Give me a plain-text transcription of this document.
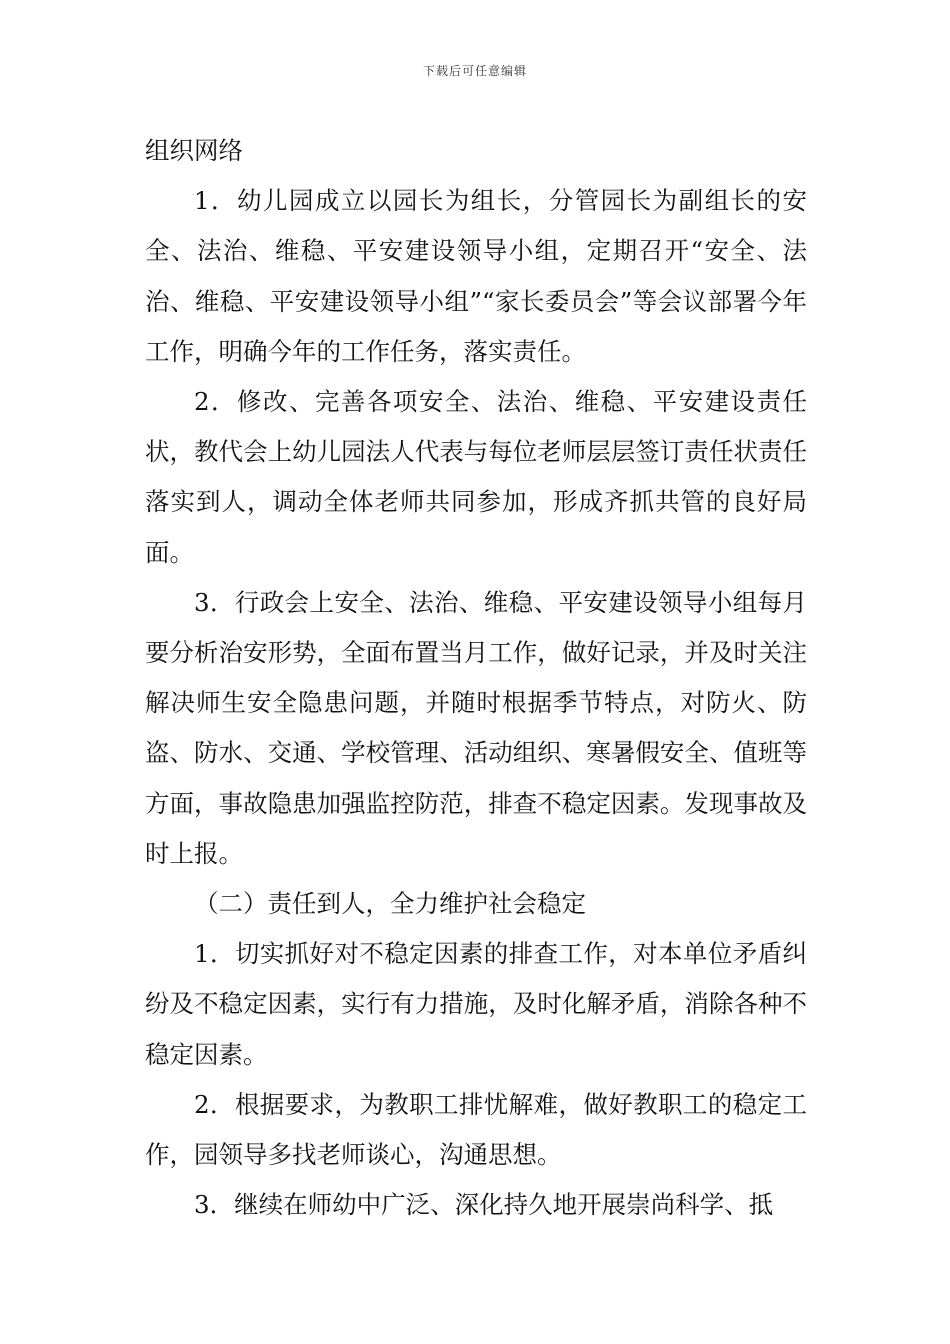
下载后可任意编辑

组织网络

1．幼儿园成立以园长为组长，分管园长为副组长的安全、法治、维稳、平安建设领导小组，定期召开“安全、法治、维稳、平安建设领导小组”“家长委员会”等会议部署今年工作，明确今年的工作任务，落实责任。

2．修改、完善各项安全、法治、维稳、平安建设责任状，教代会上幼儿园法人代表与每位老师层层签订责任状责任落实到人，调动全体老师共同参加，形成齐抓共管的良好局面。

3．行政会上安全、法治、维稳、平安建设领导小组每月要分析治安形势，全面布置当月工作，做好记录，并及时关注解决师生安全隐患问题，并随时根据季节特点，对防火、防盗、防水、交通、学校管理、活动组织、寒暑假安全、值班等方面，事故隐患加强监控防范，排查不稳定因素。发现事故及时上报。

（二）责任到人，全力维护社会稳定

1．切实抓好对不稳定因素的排查工作，对本单位矛盾纠纷及不稳定因素，实行有力措施，及时化解矛盾，消除各种不稳定因素。

2．根据要求，为教职工排忧解难，做好教职工的稳定工作，园领导多找老师谈心，沟通思想。

3．继续在师幼中广泛、深化持久地开展崇尚科学、抵
